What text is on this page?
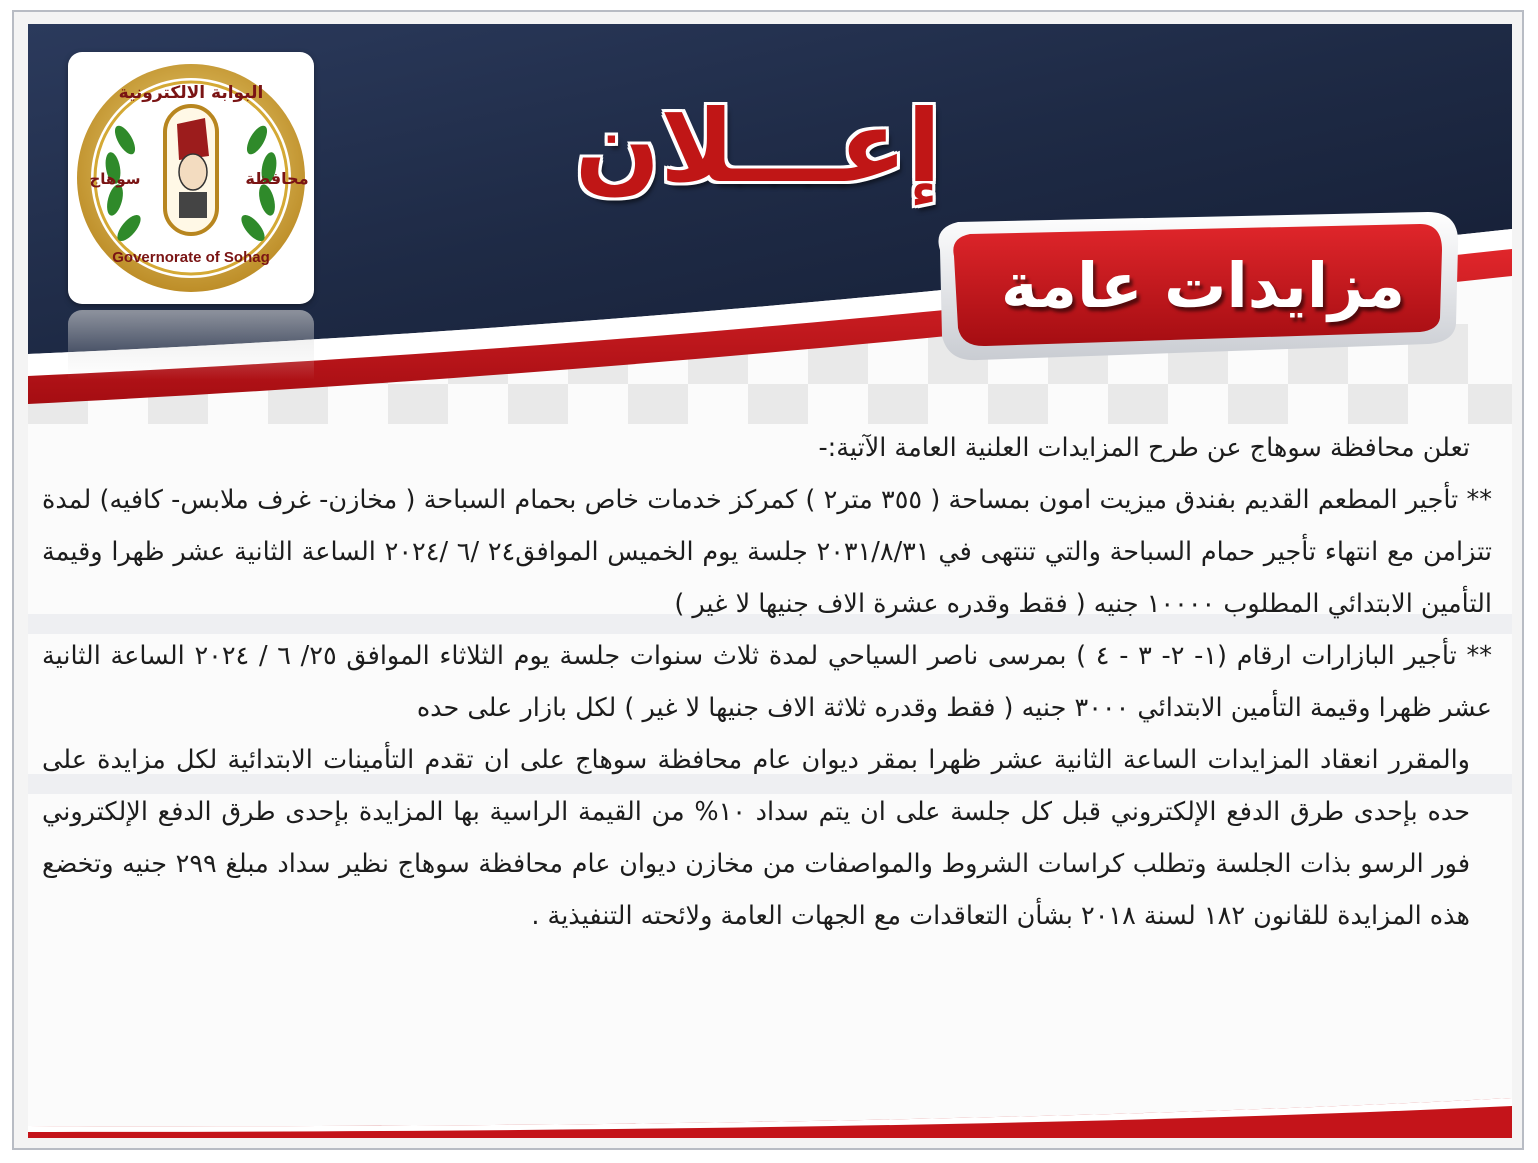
البوابة الالكترونية
محافظة
سوهاج
Governorate of Sohag
إعـــلان
مزايدات عامة

تعلن محافظة سوهاج عن طرح المزايدات العلنية العامة الآتية:-

** تأجير المطعم القديم بفندق ميزيت امون بمساحة ( ٣٥٥ متر٢ ) كمركز خدمات خاص بحمام السباحة ( مخازن- غرف ملابس- كافيه) لمدة تتزامن مع انتهاء تأجير حمام السباحة والتي تنتهى في ٢٠٣١/٨/٣١ جلسة يوم الخميس الموافق٢٤ /٦ /٢٠٢٤ الساعة الثانية عشر ظهرا وقيمة التأمين الابتدائي المطلوب ١٠٠٠٠ جنيه ( فقط وقدره عشرة الاف جنيها لا غير )

** تأجير البازارات ارقام (١- ٢- ٣ - ٤ ) بمرسى ناصر السياحي لمدة ثلاث سنوات جلسة يوم الثلاثاء الموافق ٢٥/ ٦ / ٢٠٢٤ الساعة الثانية عشر ظهرا وقيمة التأمين الابتدائي ٣٠٠٠ جنيه ( فقط وقدره ثلاثة الاف جنيها لا غير ) لكل بازار على حده

والمقرر انعقاد المزايدات الساعة الثانية عشر ظهرا بمقر ديوان عام محافظة سوهاج على ان تقدم التأمينات الابتدائية لكل مزايدة على حده بإحدى طرق الدفع الإلكتروني قبل كل جلسة على ان يتم سداد ١٠% من القيمة الراسية بها المزايدة بإحدى طرق الدفع الإلكتروني فور الرسو بذات الجلسة وتطلب كراسات الشروط والمواصفات من مخازن ديوان عام محافظة سوهاج نظير سداد مبلغ ٢٩٩ جنيه وتخضع هذه المزايدة للقانون ١٨٢ لسنة ٢٠١٨ بشأن التعاقدات مع الجهات العامة ولائحته التنفيذية .
